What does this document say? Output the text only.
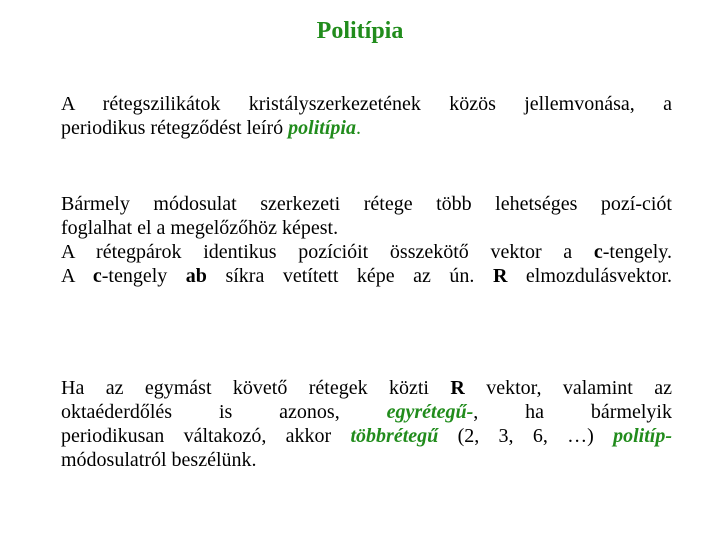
Politípia
A rétegszilikátok kristályszerkezetének közös jellemvonása, a
periodikus rétegződést leíró politípia.
Bármely módosulat szerkezeti rétege több lehetséges pozí-ciót
foglalhat el a megelőzőhöz képest.
A rétegpárok identikus pozícióit összekötő vektor a c-tengely.
A c-tengely ab síkra vetített képe az ún. R elmozdulásvektor.
Ha az egymást követő rétegek közti R vektor, valamint az
oktaéderdőlés is azonos, egyrétegű-, ha bármelyik
periodikusan váltakozó, akkor többrétegű (2, 3, 6, …) politíp-
módosulatról beszélünk.
